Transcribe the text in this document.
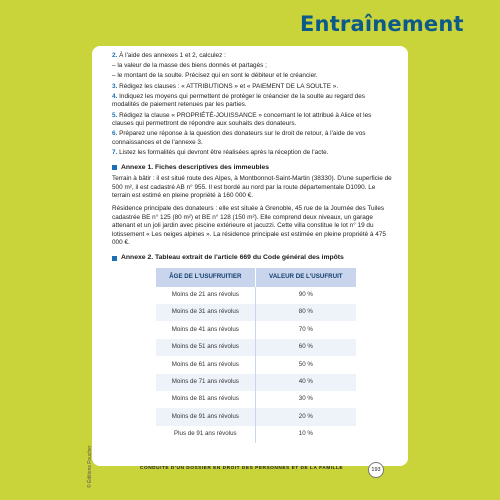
Entraînement

2. À l'aide des annexes 1 et 2, calculez :

– la valeur de la masse des biens donnés et partagés ;

– le montant de la soulte. Précisez qui en sont le débiteur et le créancier.

3. Rédigez les clauses : « ATTRIBUTIONS » et « PAIEMENT DE LA SOULTE ».

4. Indiquez les moyens qui permettent de protéger le créancier de la soulte au regard des modalités de paiement retenues par les parties.

5. Rédigez la clause « PROPRIÉTÉ-JOUISSANCE » concernant le lot attribué à Alice et les clauses qui permettront de répondre aux souhaits des donateurs.

6. Préparez une réponse à la question des donateurs sur le droit de retour, à l'aide de vos connaissances et de l'annexe 3.

7. Listez les formalités qui devront être réalisées après la réception de l'acte.

Annexe 1. Fiches descriptives des immeubles

Terrain à bâtir : il est situé route des Alpes, à Montbonnot-Saint-Martin (38330). D'une superficie de 500 m², il est cadastré AB n° 955. Il est bordé au nord par la route départementale D1090. Le terrain est estimé en pleine propriété à 160 000 €.

Résidence principale des donateurs : elle est située à Grenoble, 45 rue de la Journée des Tuiles cadastrée BE n° 125 (80 m²) et BE n° 128 (150 m²). Elle comprend deux niveaux, un garage attenant et un joli jardin avec piscine extérieure et jacuzzi. Cette villa constitue le lot n° 19 du lotissement « Les neiges alpines ». La résidence principale est estimée en pleine propriété à 475 000 €.

Annexe 2. Tableau extrait de l'article 669 du Code général des impôts
ÂGE DE L'USUFRUITIER	VALEUR DE L'USUFRUIT
Moins de 21 ans révolus	90 %
Moins de 31 ans révolus	80 %
Moins de 41 ans révolus	70 %
Moins de 51 ans révolus	60 %
Moins de 61 ans révolus	50 %
Moins de 71 ans révolus	40 %
Moins de 81 ans révolus	30 %
Moins de 91 ans révolus	20 %
Plus de 91 ans révolus	10 %
© Éditions Foucher	CONDUITE D'UN DOSSIER EN DROIT DES PERSONNES ET DE LA FAMILLE	193
